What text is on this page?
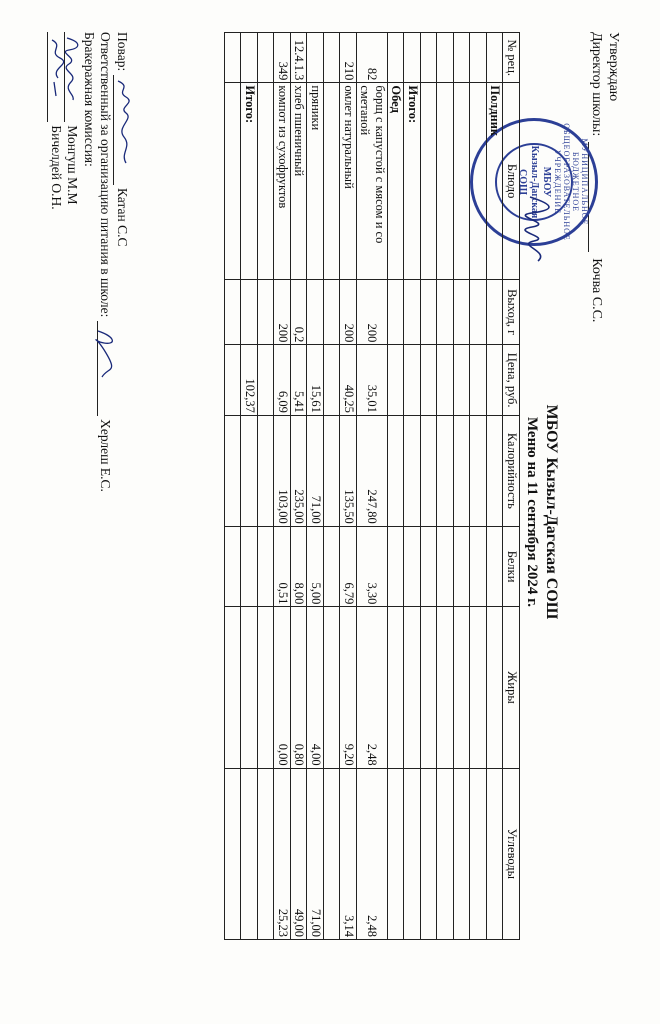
Утверждаю
Директор школы:Кочва С.С.
МУНИЦИПАЛЬНОЕ БЮДЖЕТНОЕ ОБЩЕОБРАЗОВАТЕЛЬНОЕ УЧРЕЖДЕНИЕ
МБОУ
Кызыл-Дагская
СОШ
МБОУ Кызыл-Дагская СОШ
Меню на 11 сентября 2024 г.
№ рец.	Блюдо	Выход, г	Цена, руб.	Калорийность	Белки	Жиры	Углеводы
	Полдник						

	Итого:						
	Обед						
82	борщ с капустой с мясом и со сметаной	200	35,01	247,80	3,30	2,48	2,48
210	омлет натуральный	200	40,25	135,50	6,79	9,20	3,14

	пряники		15,61	71,00	5,00	4,00	71,00
12.4.1.3	хлеб пшеничный	0,2	5,41	235,00	8,00	0,80	49,00
349	компот из сухофруктов	200	6,09	103,00	0,51	0,00	25,23

	Итого:		102,37				

Повар:
Катан С.С
Ответственный за организацию питания в школе:
Херлеш Е.С.
Бракеражная комиссия:
Монгуш М.М
Бичелдей О.Н.
